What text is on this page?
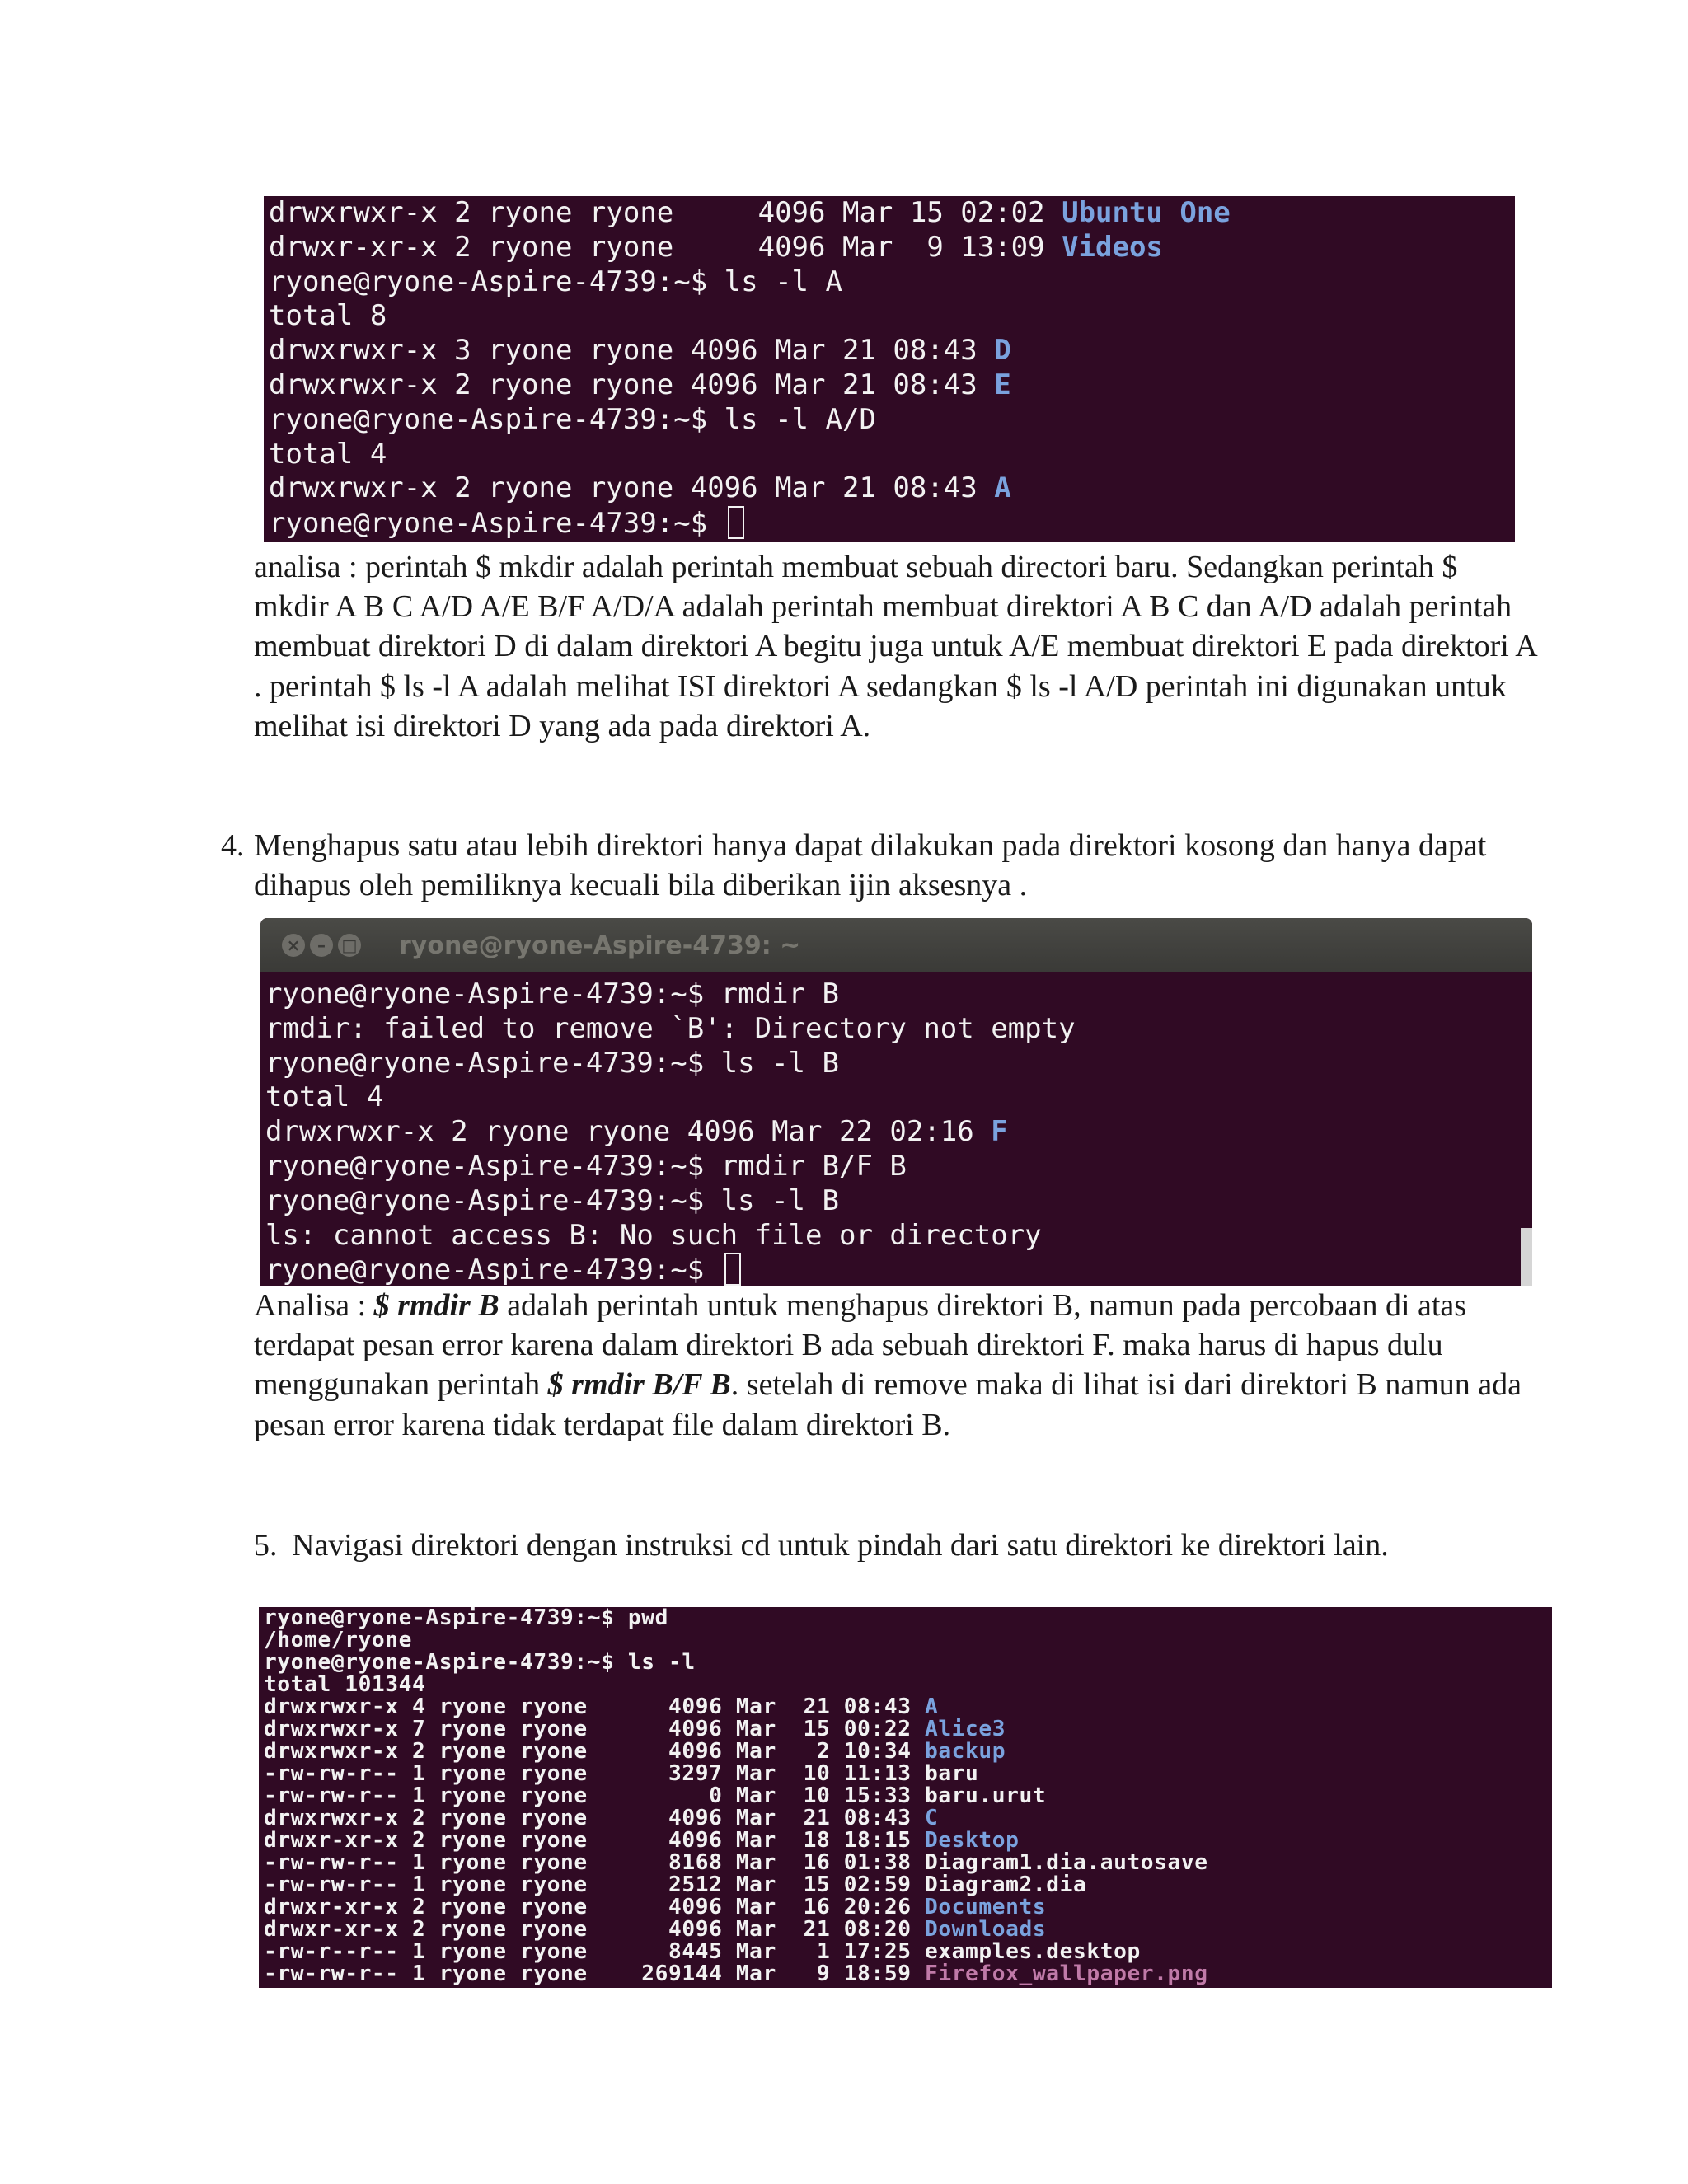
drwxrwxr-x 2 ryone ryone     4096 Mar 15 02:02 Ubuntu One
drwxr-xr-x 2 ryone ryone     4096 Mar  9 13:09 Videos
ryone@ryone-Aspire-4739:~$ ls -l A
total 8
drwxrwxr-x 3 ryone ryone 4096 Mar 21 08:43 D
drwxrwxr-x 2 ryone ryone 4096 Mar 21 08:43 E
ryone@ryone-Aspire-4739:~$ ls -l A/D
total 4
drwxrwxr-x 2 ryone ryone 4096 Mar 21 08:43 A
ryone@ryone-Aspire-4739:~$

analisa : perintah $ mkdir adalah perintah membuat sebuah directori baru. Sedangkan perintah $ mkdir A B C A/D A/E B/F A/D/A adalah perintah membuat direktori A B C dan A/D adalah perintah membuat direktori D di dalam direktori A begitu juga untuk A/E membuat direktori E pada direktori A . perintah $ ls -l A adalah melihat ISI direktori A sedangkan $ ls -l A/D perintah ini digunakan untuk melihat isi direktori D yang ada pada direktori A.

4. Menghapus satu atau lebih direktori hanya dapat dilakukan pada direktori kosong dan hanya dapat dihapus oleh pemiliknya kecuali bila diberikan ijin aksesnya .
×	– □ ryone@ryone-Aspire-4739: ~
ryone@ryone-Aspire-4739:~$ rmdir B
rmdir: failed to remove `B': Directory not empty
ryone@ryone-Aspire-4739:~$ ls -l B
total 4
drwxrwxr-x 2 ryone ryone 4096 Mar 22 02:16 F
ryone@ryone-Aspire-4739:~$ rmdir B/F B
ryone@ryone-Aspire-4739:~$ ls -l B
ls: cannot access B: No such file or directory
ryone@ryone-Aspire-4739:~$

Analisa : $ rmdir B adalah perintah untuk menghapus direktori B, namun pada percobaan di atas terdapat pesan error karena dalam direktori B ada sebuah direktori F. maka harus di hapus dulu menggunakan perintah $ rmdir B/F B. setelah di remove maka di lihat isi dari direktori B namun ada pesan error karena tidak terdapat file dalam direktori B.

5. Navigasi direktori dengan instruksi cd untuk pindah dari satu direktori ke direktori lain.
ryone@ryone-Aspire-4739:~$ pwd
/home/ryone
ryone@ryone-Aspire-4739:~$ ls -l
total 101344
drwxrwxr-x 4 ryone ryone      4096 Mar  21 08:43 A
drwxrwxr-x 7 ryone ryone      4096 Mar  15 00:22 Alice3
drwxrwxr-x 2 ryone ryone      4096 Mar   2 10:34 backup
-rw-rw-r-- 1 ryone ryone      3297 Mar  10 11:13 baru
-rw-rw-r-- 1 ryone ryone         0 Mar  10 15:33 baru.urut
drwxrwxr-x 2 ryone ryone      4096 Mar  21 08:43 C
drwxr-xr-x 2 ryone ryone      4096 Mar  18 18:15 Desktop
-rw-rw-r-- 1 ryone ryone      8168 Mar  16 01:38 Diagram1.dia.autosave
-rw-rw-r-- 1 ryone ryone      2512 Mar  15 02:59 Diagram2.dia
drwxr-xr-x 2 ryone ryone      4096 Mar  16 20:26 Documents
drwxr-xr-x 2 ryone ryone      4096 Mar  21 08:20 Downloads
-rw-r--r-- 1 ryone ryone      8445 Mar   1 17:25 examples.desktop
-rw-rw-r-- 1 ryone ryone    269144 Mar   9 18:59 Firefox_wallpaper.png
